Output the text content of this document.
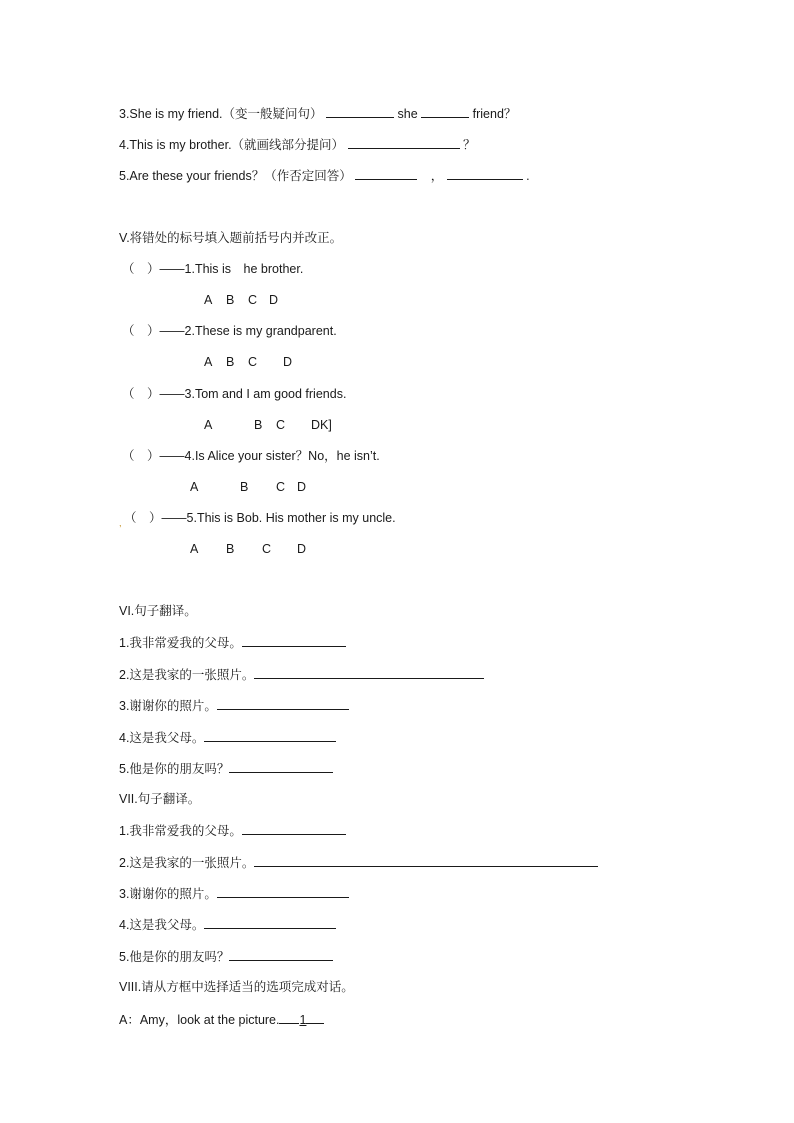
3.She is my friend.（变一般疑问句）	she	friend？
4.This is my brother.（就画线部分提问）	？
5.Are these your friends？（作否定回答）	，	.
V.将错处的标号填入题前括号内并改正。
（　）——1.This is　he brother.
A B C D
（　）——2.These is my grandparent.
A B C D
（　）——3.Tom and I am good friends.
A	B C DK]
（　）——4.Is Alice your sister？No，he isn’t.
A	B C D
, （　）——5.This is Bob. His mother is my uncle.
A B C D
VI.句子翻译。
1.我非常爱我的父母。
2.这是我家的一张照片。
3.谢谢你的照片。
4.这是我父母。
5.他是你的朋友吗？
VII.句子翻译。
1.我非常爱我的父母。
2.这是我家的一张照片。
3.谢谢你的照片。
4.这是我父母。
5.他是你的朋友吗？
VIII.请从方框中选择适当的选项完成对话。
A：Amy，look at the picture. 1
